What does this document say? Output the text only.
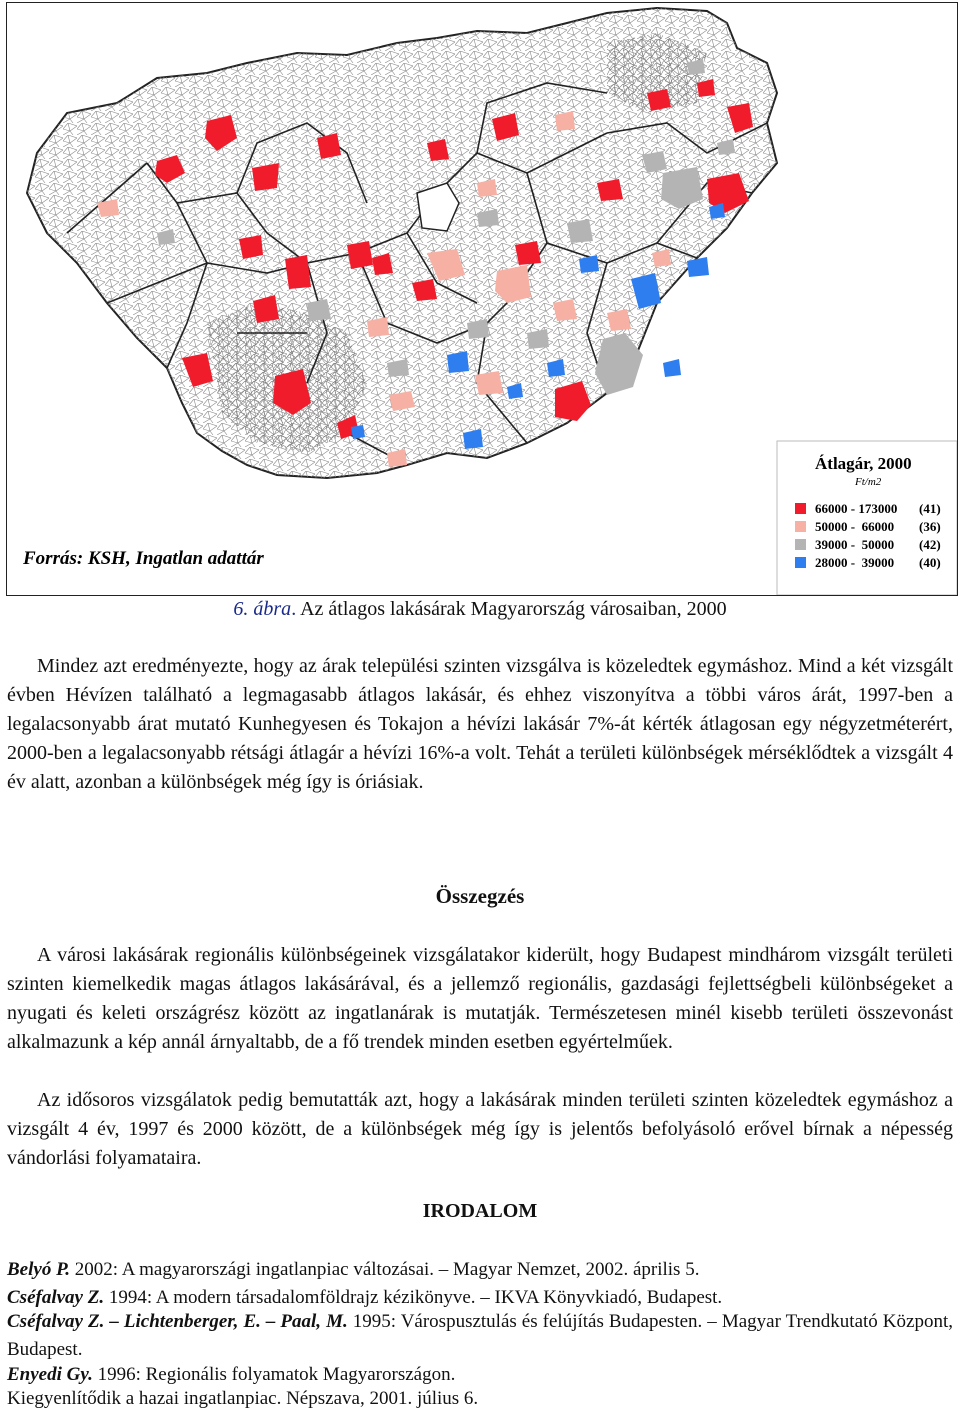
Átlagár, 2000
Ft/m2
66000 - 173000 (41)
50000 -  66000 (36)
39000 -  50000 (42)
28000 -  39000 (40)
Forrás: KSH, Ingatlan adattár
6. ábra. Az átlagos lakásárak Magyarország városaiban, 2000

Mindez azt eredményezte, hogy az árak települési szinten vizsgálva is közeledtek egymáshoz. Mind a két vizsgált évben Hévízen található a legmagasabb átlagos lakásár, és ehhez viszonyítva a többi város árát, 1997-ben a legalacsonyabb árat mutató Kunhegyesen és Tokajon a hévízi lakásár 7%-át kérték átlagosan egy négyzetméterért, 2000-ben a legalacsonyabb rétsági átlagár a hévízi 16%-a volt. Tehát a területi különbségek mérséklődtek a vizsgált 4 év alatt, azonban a különbségek még így is óriásiak.

Összegzés

A városi lakásárak regionális különbségeinek vizsgálatakor kiderült, hogy Budapest mindhárom vizsgált területi szinten kiemelkedik magas átlagos lakásárával, és a jellemző regionális, gazdasági fejlettségbeli különbségeket a nyugati és keleti országrész között az ingatlanárak is mutatják. Természetesen minél kisebb területi összevonást alkalmazunk a kép annál árnyaltabb, de a fő trendek minden esetben egyértelműek.

Az idősoros vizsgálatok pedig bemutatták azt, hogy a lakásárak minden területi szinten közeledtek egymáshoz a vizsgált 4 év, 1997 és 2000 között, de a különbségek még így is jelentős befolyásoló erővel bírnak a népesség vándorlási folyamataira.

IRODALOM

Belyó P. 2002: A magyarországi ingatlanpiac változásai. – Magyar Nemzet, 2002. április 5.

Cséfalvay Z. 1994: A modern társadalomföldrajz kézikönyve. – IKVA Könyvkiadó, Budapest.

Cséfalvay Z. – Lichtenberger, E. – Paal, M. 1995: Várospusztulás és felújítás Budapesten. – Magyar Trendkutató Központ, Budapest.

Enyedi Gy. 1996: Regionális folyamatok Magyarországon.

Kiegyenlítődik a hazai ingatlanpiac. Népszava, 2001. július 6.
